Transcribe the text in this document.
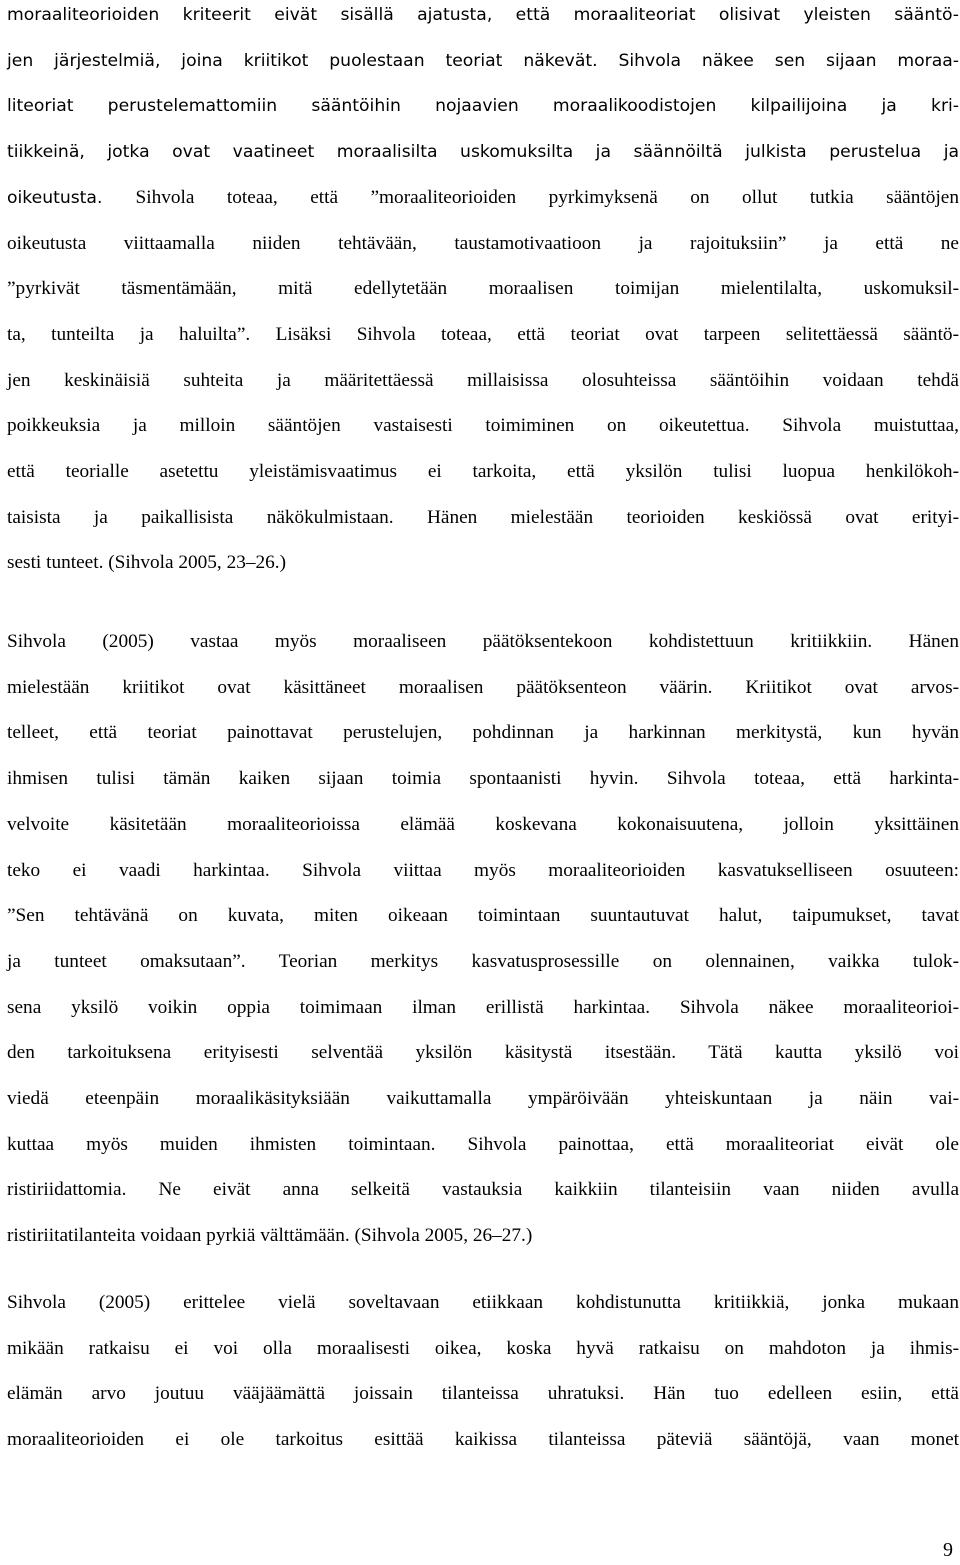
moraaliteorioiden kriteerit eivät sisällä ajatusta, että moraaliteoriat olisivat yleisten sääntö-
jen järjestelmiä, joina kriitikot puolestaan teoriat näkevät. Sihvola näkee sen sijaan moraa-
liteoriat perustelemattomiin sääntöihin nojaavien moraalikoodistojen kilpailijoina ja kri-
tiikkeinä, jotka ovat vaatineet moraalisilta uskomuksilta ja säännöiltä julkista perustelua ja
oikeutusta. Sihvola toteaa, että ”moraaliteorioiden pyrkimyksenä on ollut tutkia sääntöjen
oikeutusta viittaamalla niiden tehtävään, taustamotivaatioon ja rajoituksiin” ja että ne
”pyrkivät täsmentämään, mitä edellytetään moraalisen toimijan mielentilalta, uskomuksil-
ta, tunteilta ja haluilta”. Lisäksi Sihvola toteaa, että teoriat ovat tarpeen selitettäessä sääntö-
jen keskinäisiä suhteita ja määritettäessä millaisissa olosuhteissa sääntöihin voidaan tehdä
poikkeuksia ja milloin sääntöjen vastaisesti toimiminen on oikeutettua. Sihvola muistuttaa,
että teorialle asetettu yleistämisvaatimus ei tarkoita, että yksilön tulisi luopua henkilökoh-
taisista ja paikallisista näkökulmistaan. Hänen mielestään teorioiden keskiössä ovat erityi-
sesti tunteet. (Sihvola 2005, 23–26.)
Sihvola (2005) vastaa myös moraaliseen päätöksentekoon kohdistettuun kritiikkiin. Hänen
mielestään kriitikot ovat käsittäneet moraalisen päätöksenteon väärin. Kriitikot ovat arvos-
telleet, että teoriat painottavat perustelujen, pohdinnan ja harkinnan merkitystä, kun hyvän
ihmisen tulisi tämän kaiken sijaan toimia spontaanisti hyvin. Sihvola toteaa, että harkinta-
velvoite käsitetään moraaliteorioissa elämää koskevana kokonaisuutena, jolloin yksittäinen
teko ei vaadi harkintaa. Sihvola viittaa myös moraaliteorioiden kasvatukselliseen osuuteen:
”Sen tehtävänä on kuvata, miten oikeaan toimintaan suuntautuvat halut, taipumukset, tavat
ja tunteet omaksutaan”. Teorian merkitys kasvatusprosessille on olennainen, vaikka tulok-
sena yksilö voikin oppia toimimaan ilman erillistä harkintaa. Sihvola näkee moraaliteorioi-
den tarkoituksena erityisesti selventää yksilön käsitystä itsestään. Tätä kautta yksilö voi
viedä eteenpäin moraalikäsityksiään vaikuttamalla ympäröivään yhteiskuntaan ja näin vai-
kuttaa myös muiden ihmisten toimintaan. Sihvola painottaa, että moraaliteoriat eivät ole
ristiriidattomia. Ne eivät anna selkeitä vastauksia kaikkiin tilanteisiin vaan niiden avulla
ristiriitatilanteita voidaan pyrkiä välttämään. (Sihvola 2005, 26–27.)
Sihvola (2005) erittelee vielä soveltavaan etiikkaan kohdistunutta kritiikkiä, jonka mukaan
mikään ratkaisu ei voi olla moraalisesti oikea, koska hyvä ratkaisu on mahdoton ja ihmis-
elämän arvo joutuu vääjäämättä joissain tilanteissa uhratuksi. Hän tuo edelleen esiin, että
moraaliteorioiden ei ole tarkoitus esittää kaikissa tilanteissa päteviä sääntöjä, vaan monet
9
